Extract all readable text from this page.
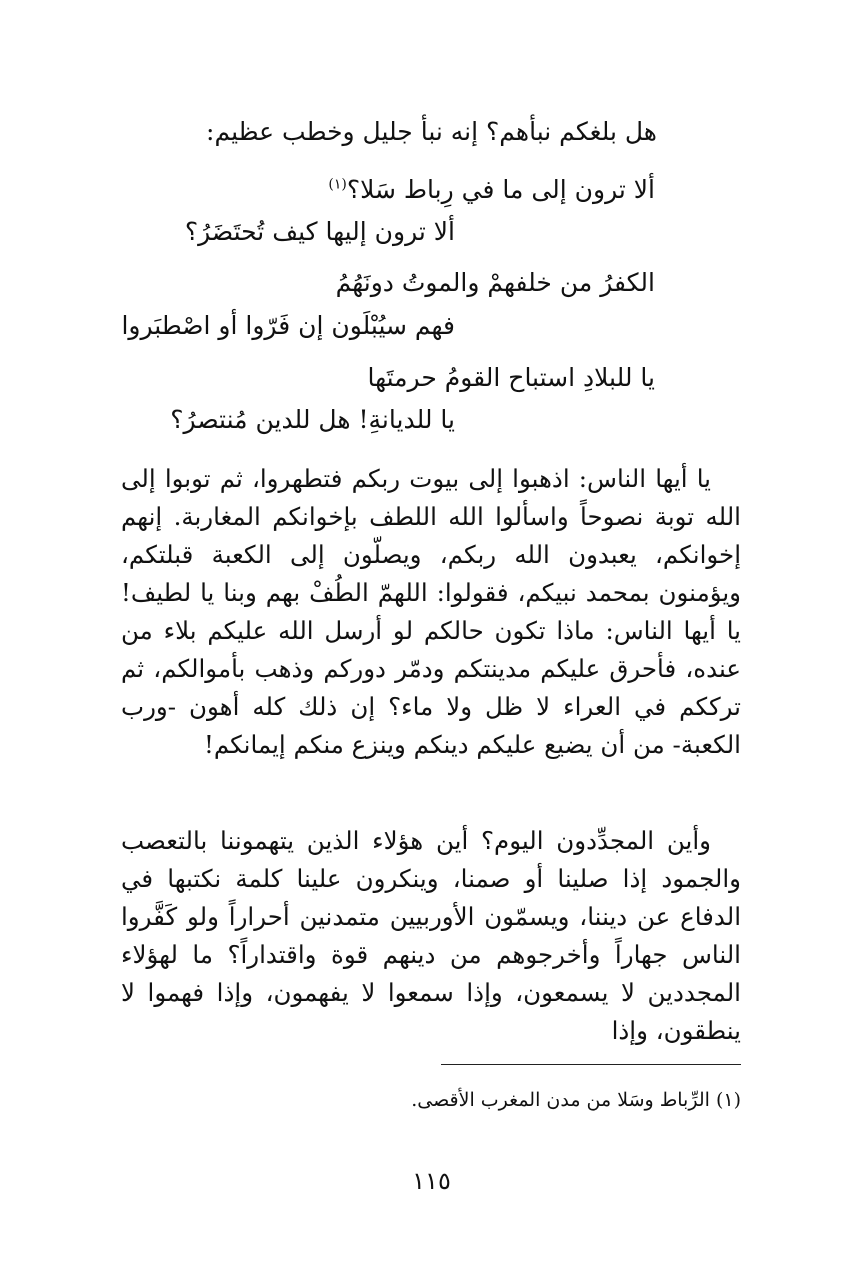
هل بلغكم نبأهم؟ إنه نبأ جليل وخطب عظيم:
ألا ترون إلى ما في رِباط سَلا؟$^{(١)}$
ألا ترون إليها كيف تُحتَضَرُ؟
الكفرُ من خلفهمْ والموتُ دونَهُمُ
فهم سيُبْلَون إن فَرّوا أو اصْطبَروا
يا للبلادِ استباح القومُ حرمتَها
يا للديانةِ! هل للدين مُنتصرُ؟

يا أيها الناس: اذهبوا إلى بيوت ربكم فتطهروا، ثم توبوا إلى الله توبة نصوحاً واسألوا الله اللطف بإخوانكم المغاربة. إنهم إخوانكم، يعبدون الله ربكم، ويصلّون إلى الكعبة قبلتكم، ويؤمنون بمحمد نبيكم، فقولوا: اللهمّ الطُفْ بهم وبنا يا لطيف! يا أيها الناس: ماذا تكون حالكم لو أرسل الله عليكم بلاء من عنده، فأحرق عليكم مدينتكم ودمّر دوركم وذهب بأموالكم، ثم ترككم في العراء لا ظل ولا ماء؟ إن ذلك كله أهون -ورب الكعبة- من أن يضيع عليكم دينكم وينزع منكم إيمانكم!

وأين المجدِّدون اليوم؟ أين هؤلاء الذين يتهموننا بالتعصب والجمود إذا صلينا أو صمنا، وينكرون علينا كلمة نكتبها في الدفاع عن ديننا، ويسمّون الأوربيين متمدنين أحراراً ولو كَفَّروا الناس جهاراً وأخرجوهم من دينهم قوة واقتداراً؟ ما لهؤلاء المجددين لا يسمعون، وإذا سمعوا لا يفهمون، وإذا فهموا لا ينطقون، وإذا

(١) الرِّباط وسَلا من مدن المغرب الأقصى.
١١٥
